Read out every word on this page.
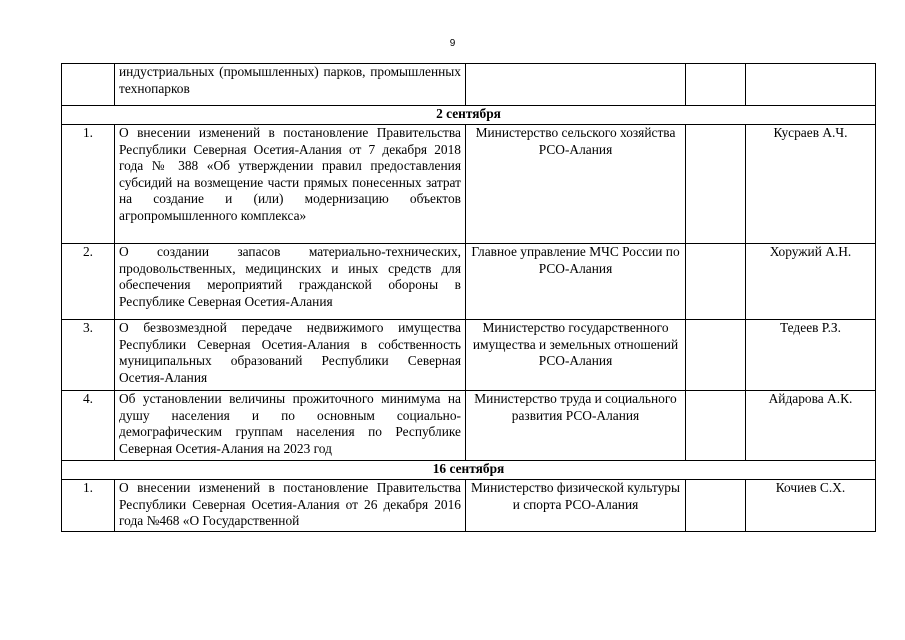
9
	индустриальных (промышленных) парков, промышленных технопарков			
2 сентября				
1.	О внесении изменений в постановление Правительства Республики Северная Осетия-Алания от 7 декабря 2018 года № 388 «Об утверждении правил предоставления субсидий на возмещение части прямых понесенных затрат на создание и (или) модернизацию объектов агропромышленного комплекса»	Министерство сельского хозяйства РСО-Алания		Кусраев А.Ч.
2.	О создании запасов материально-технических, продовольственных, медицинских и иных средств для обеспечения мероприятий гражданской обороны в Республике Северная Осетия-Алания	Главное управление МЧС России по РСО-Алания		Хоружий А.Н.
3.	О безвозмездной передаче недвижимого имущества Республики Северная Осетия-Алания в собственность муниципальных образований Республики Северная Осетия-Алания	Министерство государственного имущества и земельных отношений РСО-Алания		Тедеев Р.З.
4.	Об установлении величины прожиточного минимума на душу населения и по основным социально-демографическим группам населения по Республике Северная Осетия-Алания на 2023 год	Министерство труда и социального развития РСО-Алания		Айдарова А.К.
16 сентября				
1.	О внесении изменений в постановление Правительства Республики Северная Осетия-Алания от 26 декабря 2016 года №468 «О Государственной	Министерство физической культуры и спорта РСО-Алания		Кочиев С.Х.
